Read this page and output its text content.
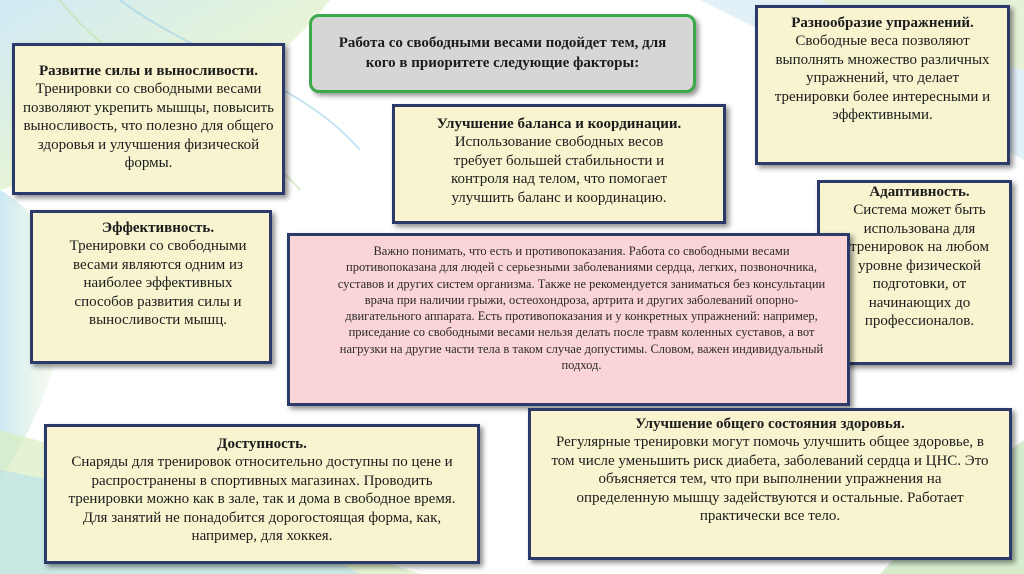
Работа со свободными весами подойдет тем, для кого в приоритете следующие факторы:
Развитие силы и выносливости.
Тренировки со свободными весами позволяют укрепить мышцы, повысить выносливость, что полезно для общего здоровья и улучшения физической формы.
Эффективность.
Тренировки со свободными весами являются одним из наиболее эффективных способов развития силы и выносливости мышц.
Улучшение баланса и координации.
Использование свободных весов требует большей стабильности и контроля над телом, что помогает улучшить баланс и координацию.
Разнообразие упражнений.
Свободные веса позволяют выполнять множество различных упражнений, что делает тренировки более интересными и эффективными.
Адаптивность.
Система может быть использована для тренировок на любом уровне физической подготовки, от начинающих до профессионалов.

Важно понимать, что есть и противопоказания. Работа со свободными весами противопоказана для людей с серьезными заболеваниями сердца, легких, позвоночника, суставов и других систем организма. Также не рекомендуется заниматься без консультации врача при наличии грыжи, остеохондроза, артрита и других заболеваний опорно-двигательного аппарата. Есть противопоказания и у конкретных упражнений: например, приседание со свободными весами нельзя делать после травм коленных суставов, а вот нагрузки на другие части тела в таком случае допустимы. Словом, важен индивидуальный подход.

Доступность.
Снаряды для тренировок относительно доступны по цене и распространены в спортивных магазинах. Проводить тренировки можно как в зале, так и дома в свободное время. Для занятий не понадобится дорогостоящая форма, как, например, для хоккея.
Улучшение общего состояния здоровья.
Регулярные тренировки могут помочь улучшить общее здоровье, в том числе уменьшить риск диабета, заболеваний сердца и ЦНС. Это объясняется тем, что при выполнении упражнения на определенную мышцу задействуются и остальные. Работает практически все тело.
